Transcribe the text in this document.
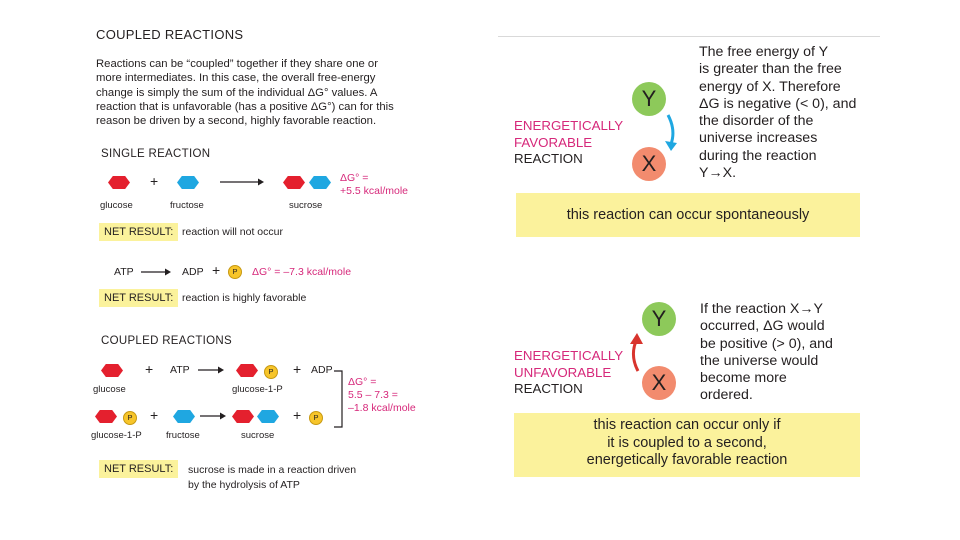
COUPLED REACTIONS
Reactions can be “coupled” together if they share one or
more intermediates. In this case, the overall free-energy
change is simply the sum of the individual ΔG° values. A
reaction that is unfavorable (has a positive ΔG°) can for this
reason be driven by a second, highly favorable reaction.
SINGLE REACTION
+	ΔG° =
+5.5 kcal/mole
glucose	fructose	sucrose
NET RESULT: reaction will not occur
ATP → ADP +	P	ΔG° = –7.3 kcal/mole
NET RESULT: reaction is highly favorable
COUPLED REACTIONS
+ ATP →	P	+ ADP
glucose	glucose-1-P
ΔG° =
5.5 – 7.3 =
–1.8 kcal/mole
P	+	+	P
glucose-1-P	fructose	sucrose
NET RESULT:	sucrose is made in a reaction driven
by the hydrolysis of ATP
Y
X
ENERGETICALLY
FAVORABLE
REACTION
The free energy of Y
is greater than the free
energy of X. Therefore
ΔG is negative (< 0), and
the disorder of the
universe increases
during the reaction
Y→X.
this reaction can occur spontaneously
Y
X
ENERGETICALLY
UNFAVORABLE
REACTION
If the reaction X→Y
occurred, ΔG would
be positive (> 0), and
the universe would
become more
ordered.
this reaction can occur only if
it is coupled to a second,
energetically favorable reaction
